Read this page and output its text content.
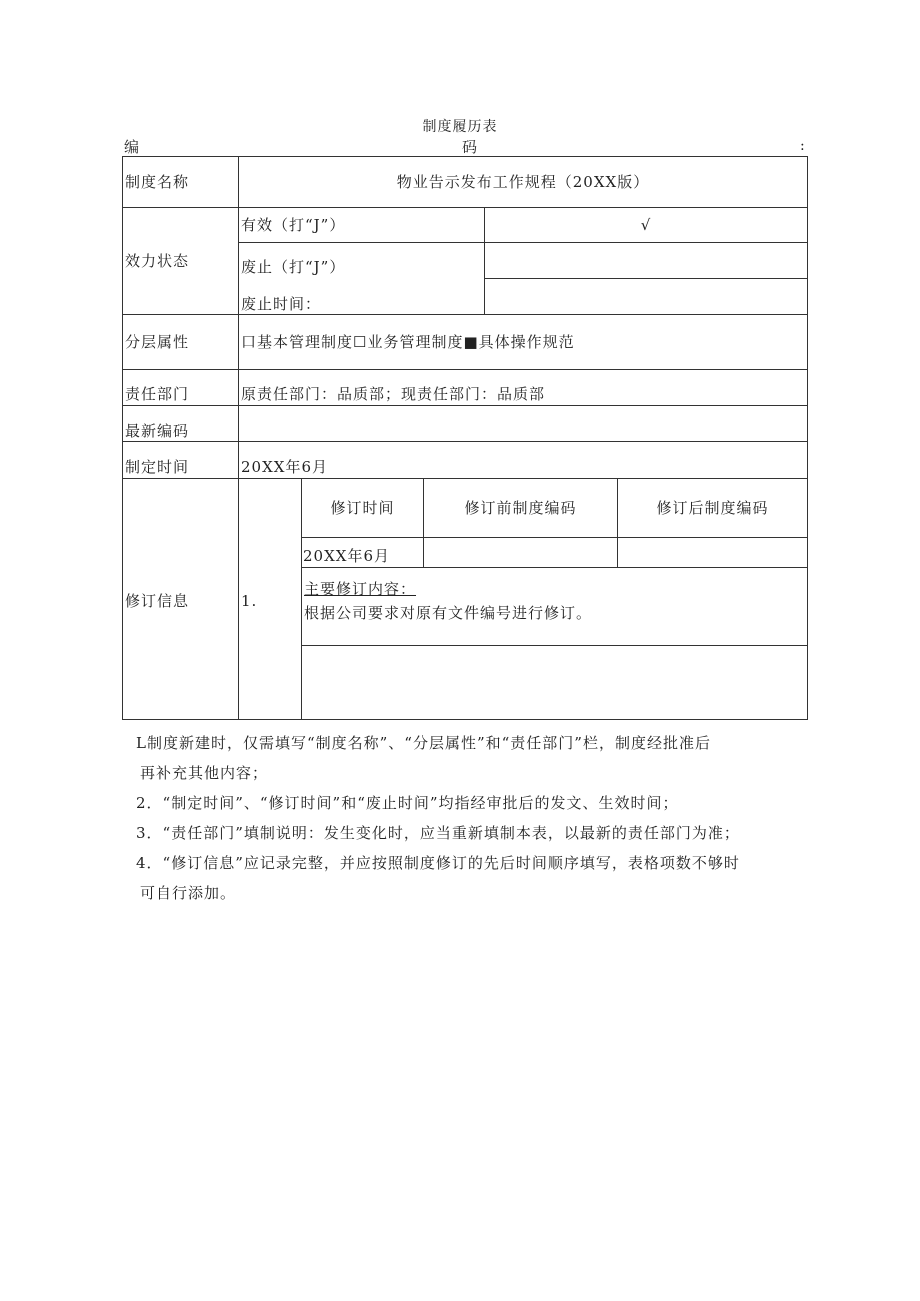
制度履历表
编	码	:
制度名称	物业告示发布工作规程（20XX版）
效力状态
有效（打“J”）	√
废止（打“J”）
废止时间：
分层属性	口基本管理制度☐业务管理制度■具体操作规范
责任部门	原责任部门：品质部；现责任部门：品质部
最新编码
制定时间	20XX年6月
修订信息	1.
修订时间	修订前制度编码	修订后制度编码
20XX年6月
主要修订内容：
根据公司要求对原有文件编号进行修订。

L制度新建时，仅需填写“制度名称”、“分层属性”和“责任部门”栏，制度经批准后

再补充其他内容；

2．“制定时间”、“修订时间”和“废止时间”均指经审批后的发文、生效时间；

3．“责任部门”填制说明：发生变化时，应当重新填制本表，以最新的责任部门为准；

4．“修订信息”应记录完整，并应按照制度修订的先后时间顺序填写，表格项数不够时

可自行添加。
